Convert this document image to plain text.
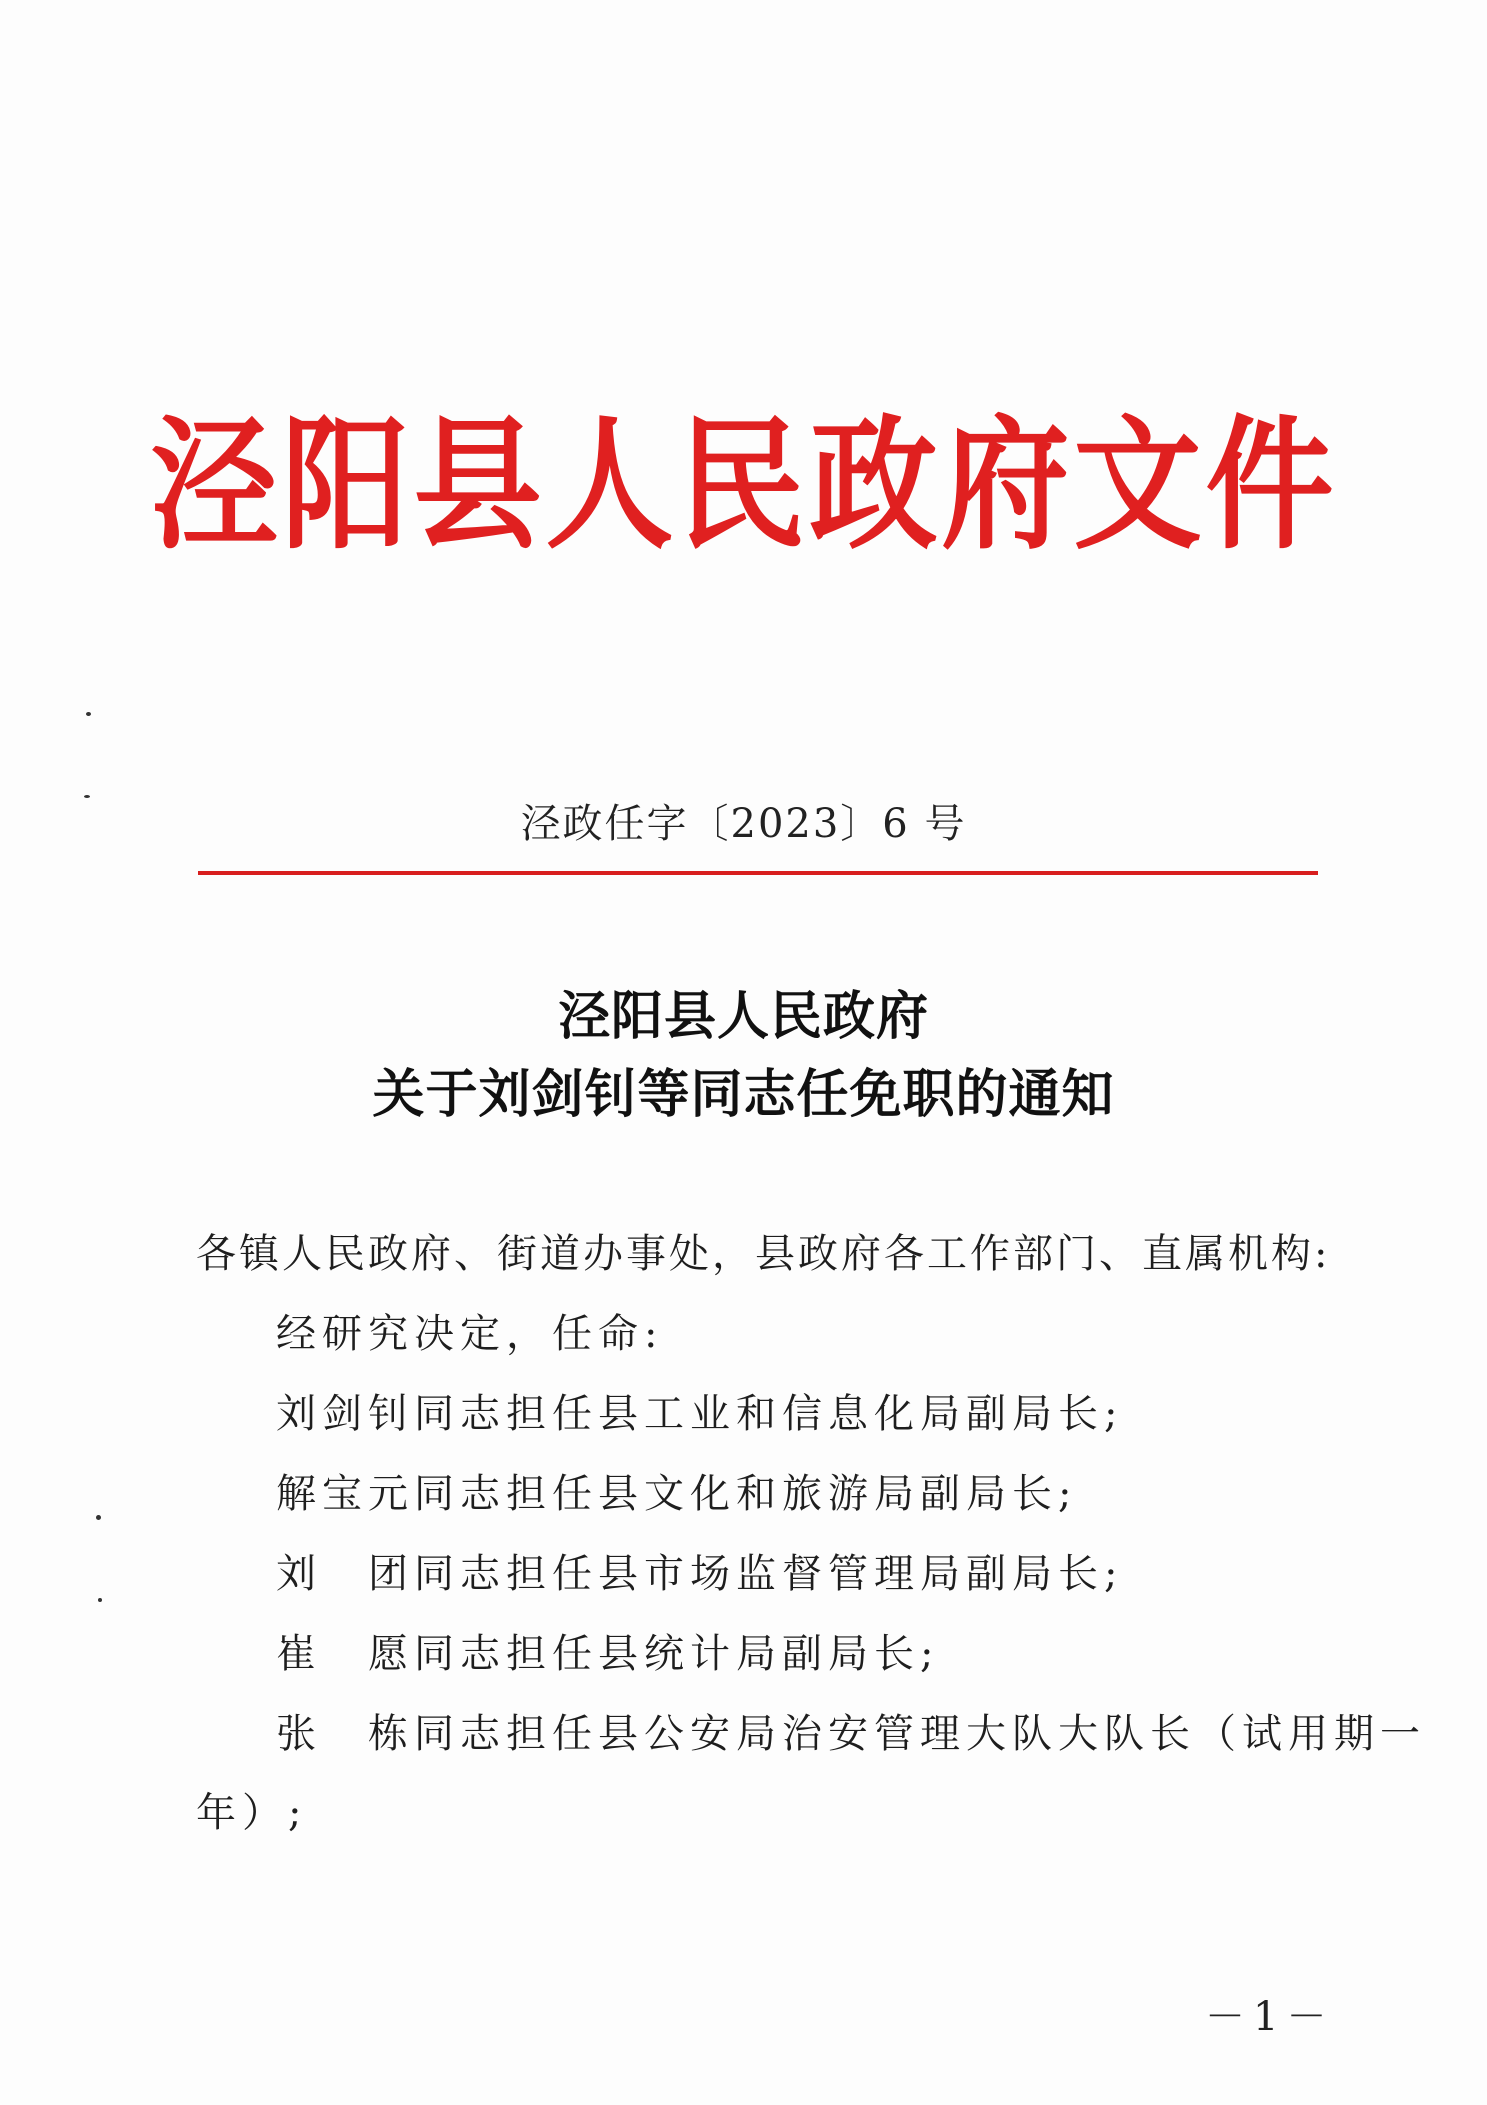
泾阳县人民政府文件
泾政任字〔2023〕6 号
泾阳县人民政府
关于刘剑钊等同志任免职的通知
各镇人民政府、街道办事处，县政府各工作部门、直属机构:
经研究决定，任命:
刘剑钊同志担任县工业和信息化局副局长;
解宝元同志担任县文化和旅游局副局长;
刘　团同志担任县市场监督管理局副局长;
崔　愿同志担任县统计局副局长;
张　栋同志担任县公安局治安管理大队大队长（试用期一
年）;
－1－
